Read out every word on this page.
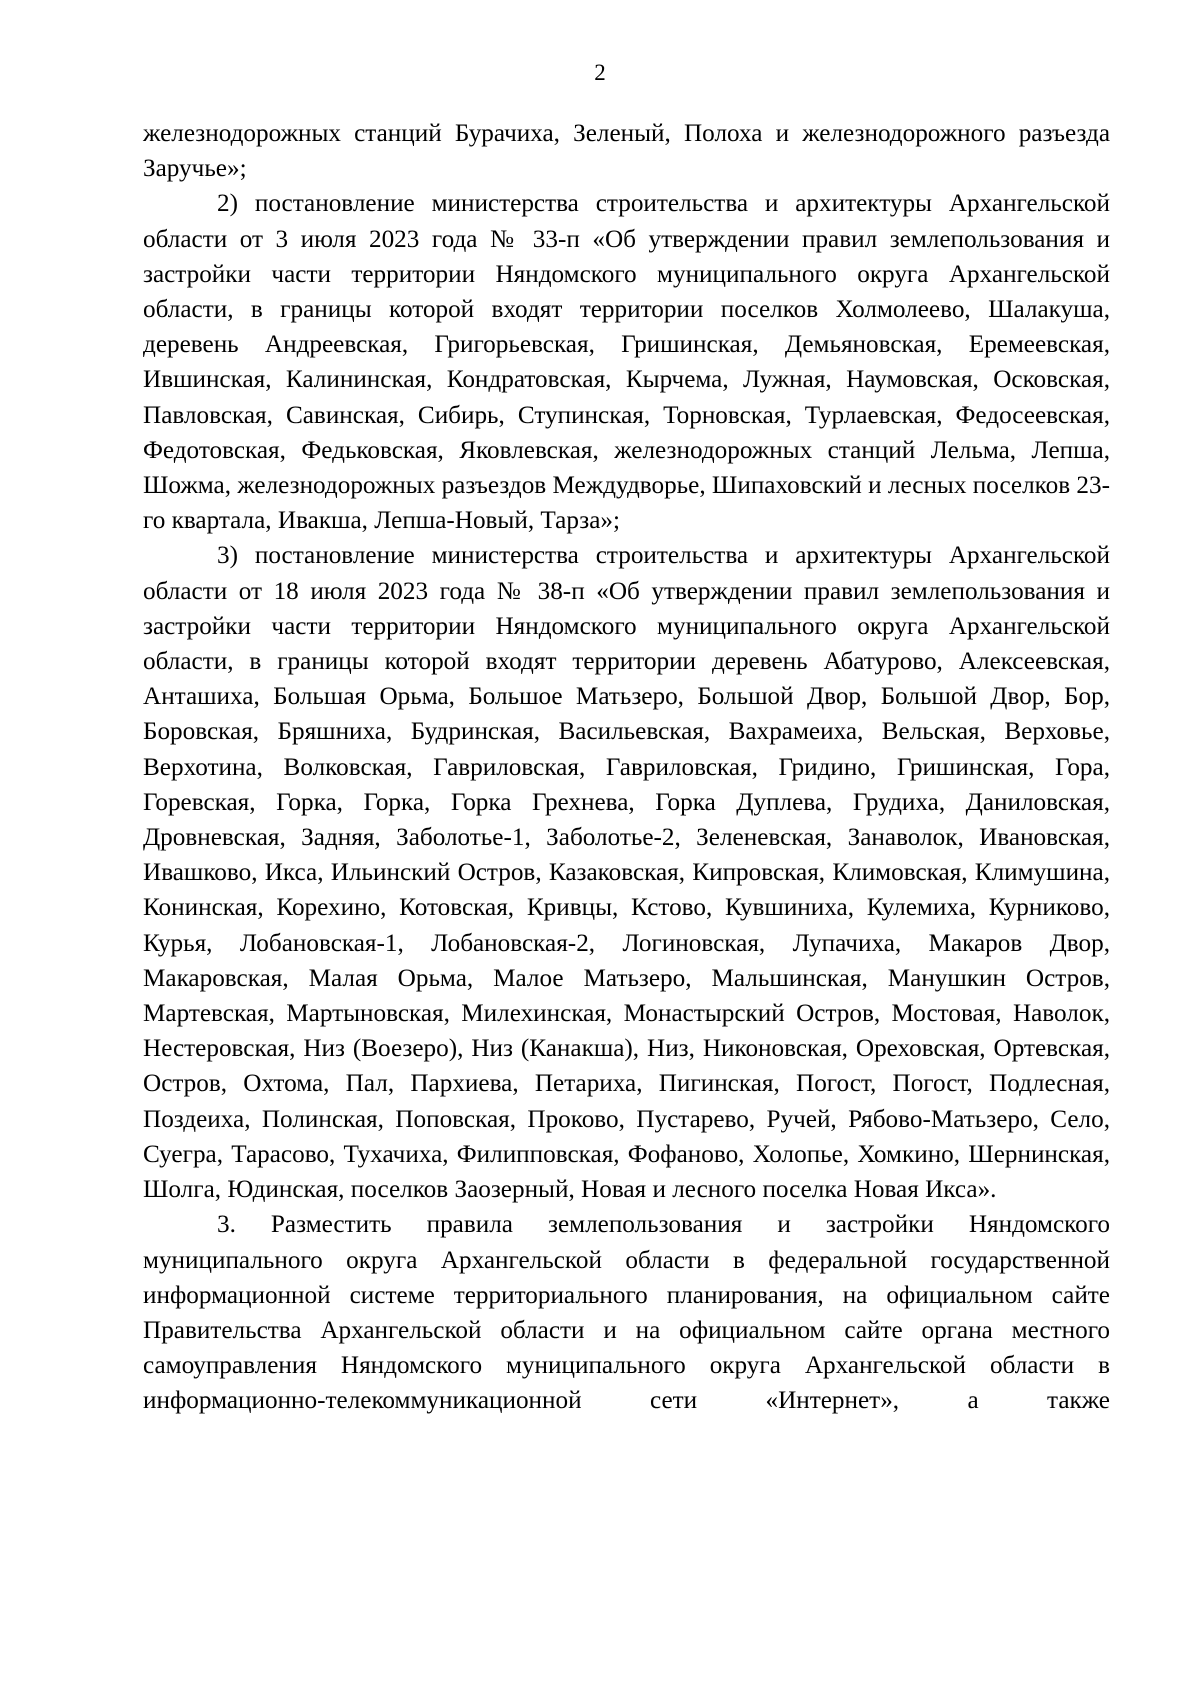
2

железнодорожных станций Бурачиха, Зеленый, Полоха и железнодорожного разъезда Заручье»;

2) постановление министерства строительства и архитектуры Архангельской области от 3 июля 2023 года № 33-п «Об утверждении правил землепользования и застройки части территории Няндомского муниципального округа Архангельской области, в границы которой входят территории поселков Холмолеево, Шалакуша, деревень Андреевская, Григорьевская, Гришинская, Демьяновская, Еремеевская, Ившинская, Калининская, Кондратовская, Кырчема, Лужная, Наумовская, Осковская, Павловская, Савинская, Сибирь, Ступинская, Торновская, Турлаевская, Федосеевская, Федотовская, Федьковская, Яковлевская, железнодорожных станций Лельма, Лепша, Шожма, железнодорожных разъездов Междудворье, Шипаховский и лесных поселков 23-го квартала, Ивакша, Лепша-Новый, Тарза»;

3) постановление министерства строительства и архитектуры Архангельской области от 18 июля 2023 года № 38-п «Об утверждении правил землепользования и застройки части территории Няндомского муниципального округа Архангельской области, в границы которой входят территории деревень Абатурово, Алексеевская, Анташиха, Большая Орьма, Большое Матьзеро, Большой Двор, Большой Двор, Бор, Боровская, Бряшниха, Будринская, Васильевская, Вахрамеиха, Вельская, Верховье, Верхотина, Волковская, Гавриловская, Гавриловская, Гридино, Гришинская, Гора, Горевская, Горка, Горка, Горка Грехнева, Горка Дуплева, Грудиха, Даниловская, Дровневская, Задняя, Заболотье-1, Заболотье-2, Зеленевская, Занаволок, Ивановская, Ивашково, Икса, Ильинский Остров, Казаковская, Кипровская, Климовская, Климушина, Конинская, Корехино, Котовская, Кривцы, Кстово, Кувшиниха, Кулемиха, Курниково, Курья, Лобановская-1, Лобановская-2, Логиновская, Лупачиха, Макаров Двор, Макаровская, Малая Орьма, Малое Матьзеро, Мальшинская, Манушкин Остров, Мартевская, Мартыновская, Милехинская, Монастырский Остров, Мостовая, Наволок, Нестеровская, Низ (Воезеро), Низ (Канакша), Низ, Никоновская, Ореховская, Ортевская, Остров, Охтома, Пал, Пархиева, Петариха, Пигинская, Погост, Погост, Подлесная, Поздеиха, Полинская, Поповская, Проково, Пустарево, Ручей, Рябово-Матьзеро, Село, Суегра, Тарасово, Тухачиха, Филипповская, Фофаново, Холопье, Хомкино, Шернинская, Шолга, Юдинская, поселков Заозерный, Новая и лесного поселка Новая Икса».

3. Разместить правила землепользования и застройки Няндомского муниципального округа Архангельской области в федеральной государственной информационной системе территориального планирования, на официальном сайте Правительства Архангельской области и на официальном сайте органа местного самоуправления Няндомского муниципального округа Архангельской области в информационно-телекоммуникационной сети «Интернет», а также
